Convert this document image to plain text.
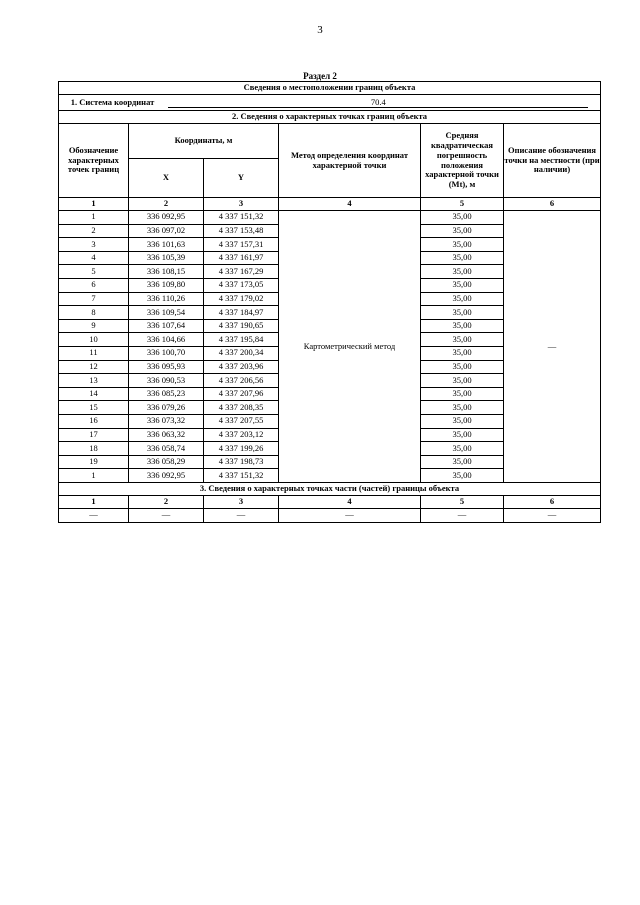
3
Раздел 2
Сведения о местоположении границ объекта					
1. Система координат 70.4					
2. Сведения о характерных точках границ объекта					
Обозначение характерных точек границ	Координаты, м		Метод определения координат характерной точки	Средняя квадратическая погрешность положения характерной точки (Mt), м	Описание обозначения точки на местности (при наличии)
	X	Y			
1	2	3	4	5	6
1	336 092,95	4 337 151,32	Картометрический метод	35,00	—
2	336 097,02	4 337 153,48		35,00	
3	336 101,63	4 337 157,31		35,00	
4	336 105,39	4 337 161,97		35,00	
5	336 108,15	4 337 167,29		35,00	
6	336 109,80	4 337 173,05		35,00	
7	336 110,26	4 337 179,02		35,00	
8	336 109,54	4 337 184,97		35,00	
9	336 107,64	4 337 190,65		35,00	
10	336 104,66	4 337 195,84		35,00	
11	336 100,70	4 337 200,34		35,00	
12	336 095,93	4 337 203,96		35,00	
13	336 090,53	4 337 206,56		35,00	
14	336 085,23	4 337 207,96		35,00	
15	336 079,26	4 337 208,35		35,00	
16	336 073,32	4 337 207,55		35,00	
17	336 063,32	4 337 203,12		35,00	
18	336 058,74	4 337 199,26		35,00	
19	336 058,29	4 337 198,73		35,00	
1	336 092,95	4 337 151,32		35,00	
3. Сведения о характерных точках части (частей) границы объекта					
1	2	3	4	5	6
—	—	—	—	—	—
